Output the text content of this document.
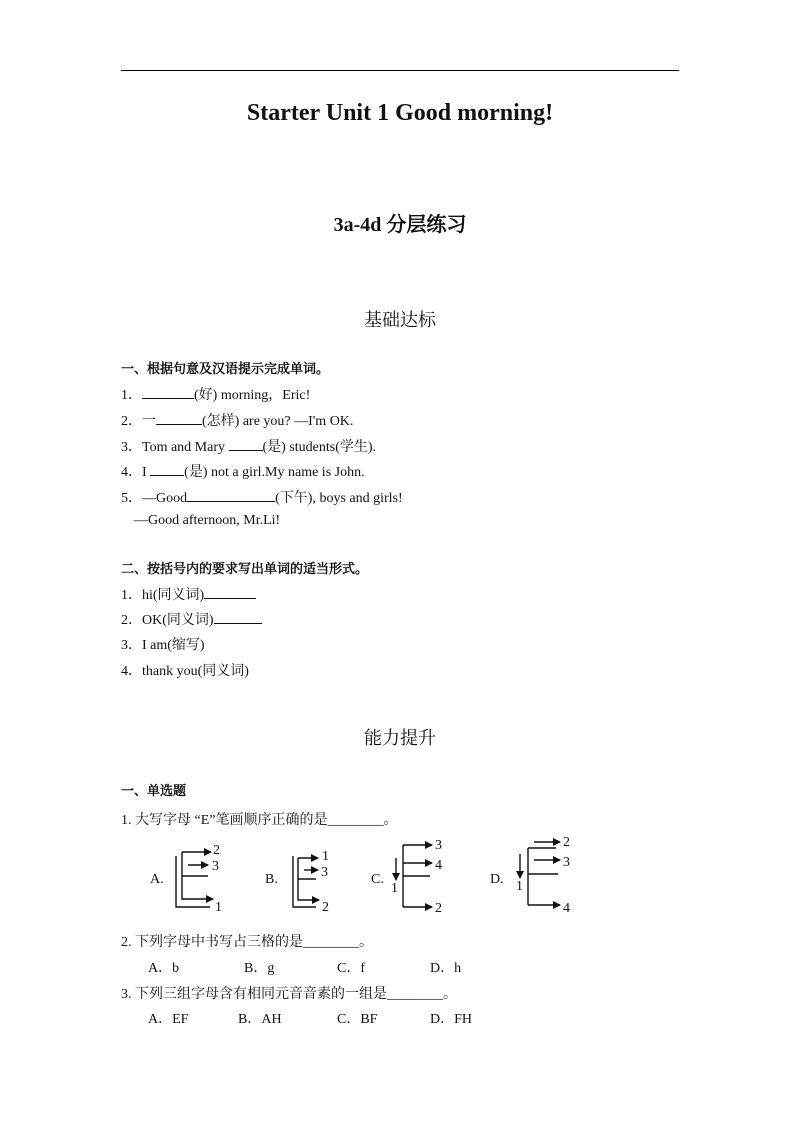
Starter Unit 1 Good morning!
3a-4d 分层练习
基础达标
一、根据句意及汉语提示完成单词。
1．	(好) morning，Eric!
2．一	(怎样) are you? —I'm OK.
3．Tom and Mary (是) students(学生).
4．I (是) not a girl.My name is John.
5．—Good	(下午), boys and girls!
—Good afternoon, Mr.Li!
二、按括号内的要求写出单词的适当形式。
1．hi(同义词)
2．OK(同义词)
3．I am(缩写)
4．thank you(同义词)
能力提升
一、单选题
1. 大写字母 “E”笔画顺序正确的是________。
A.
2
3
1
B.
1
3
2
C.
3
4
1
2
D.
2
3
1
4
2. 下列字母中书写占三格的是________。
A．b	B．g	C．f	D．h
3. 下列三组字母含有相同元音音素的一组是________。
A．EF	B．AH	C．BF	D．FH
